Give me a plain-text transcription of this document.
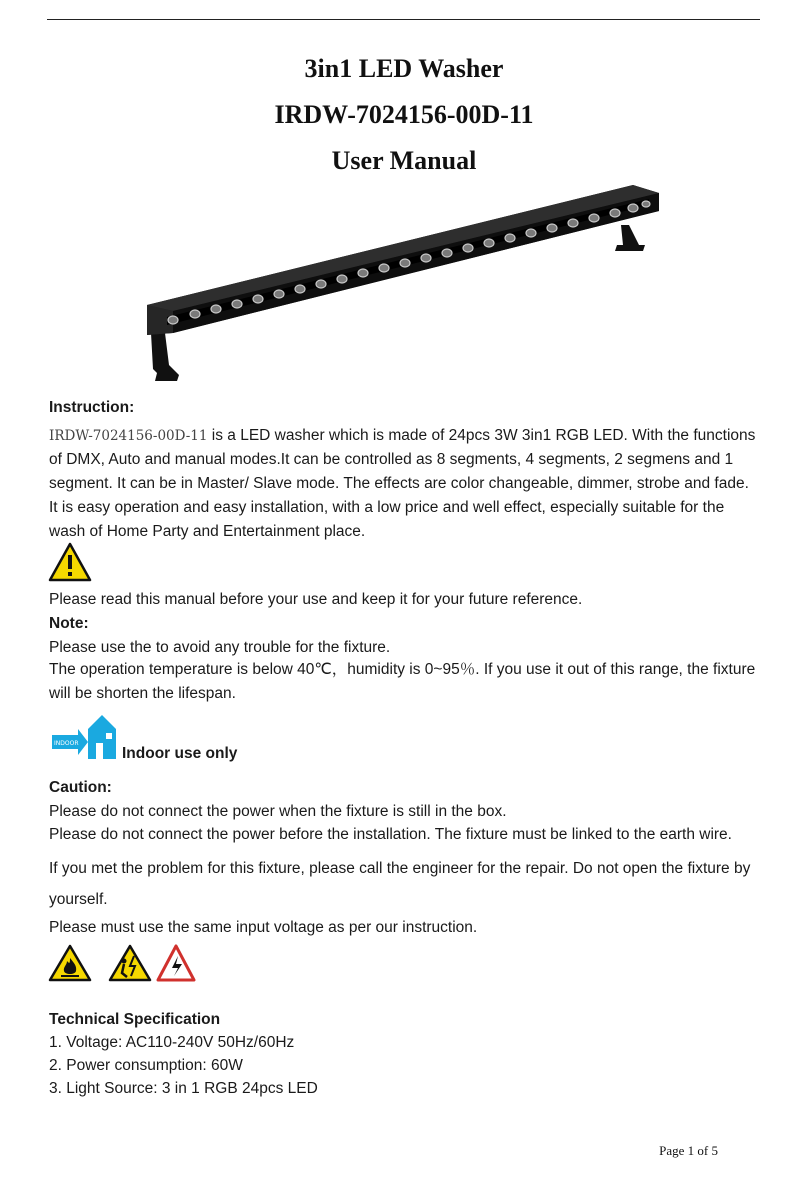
3in1 LED Washer
IRDW-7024156-00D-11
User Manual
Instruction:
IRDW-7024156-00D-11 is a LED washer which is made of 24pcs 3W 3in1 RGB LED. With the functions of DMX, Auto and manual modes.It can be controlled as 8 segments, 4 segments, 2 segmens and 1 segment. It can be in Master/ Slave mode. The effects are color changeable, dimmer, strobe and fade. It is easy operation and easy installation, with a low price and well effect, especially suitable for the wash of Home Party and Entertainment place.
Please read this manual before your use and keep it for your future reference.
Note:
Please use the to avoid any trouble for the fixture.
The operation temperature is below 40℃，humidity is 0~95％. If you use it out of this range, the fixture will be shorten the lifespan.
INDOOR
Indoor use only
Caution:
Please do not connect the power when the fixture is still in the box.
Please do not connect the power before the installation. The fixture must be linked to the earth wire.
If you met the problem for this fixture, please call the engineer for the repair. Do not open the fixture by yourself.
Please must use the same input voltage as per our instruction.
Technical Specification
1. Voltage: AC110-240V 50Hz/60Hz
2. Power consumption: 60W
3. Light Source: 3 in 1 RGB 24pcs LED
Page 1 of 5
